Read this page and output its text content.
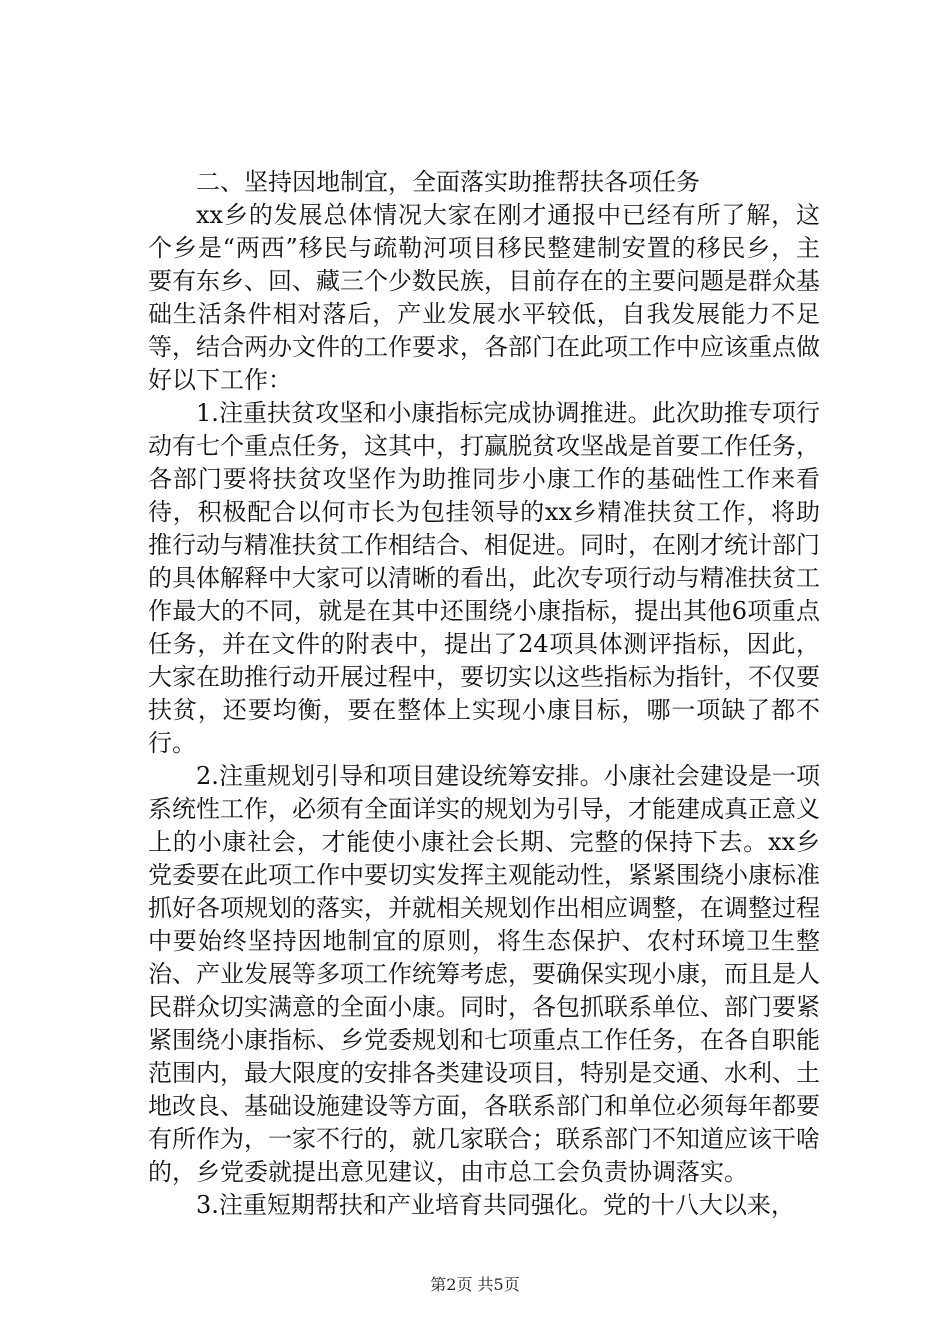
二、坚持因地制宜，全面落实助推帮扶各项任务

xx乡的发展总体情况大家在刚才通报中已经有所了解，这个乡是“两西”移民与疏勒河项目移民整建制安置的移民乡，主要有东乡、回、藏三个少数民族，目前存在的主要问题是群众基础生活条件相对落后，产业发展水平较低，自我发展能力不足等，结合两办文件的工作要求，各部门在此项工作中应该重点做好以下工作：

1.注重扶贫攻坚和小康指标完成协调推进。此次助推专项行动有七个重点任务，这其中，打赢脱贫攻坚战是首要工作任务，各部门要将扶贫攻坚作为助推同步小康工作的基础性工作来看待，积极配合以何市长为包挂领导的xx乡精准扶贫工作，将助推行动与精准扶贫工作相结合、相促进。同时，在刚才统计部门的具体解释中大家可以清晰的看出，此次专项行动与精准扶贫工作最大的不同，就是在其中还围绕小康指标，提出其他6项重点任务，并在文件的附表中，提出了24项具体测评指标，因此，大家在助推行动开展过程中，要切实以这些指标为指针，不仅要扶贫，还要均衡，要在整体上实现小康目标，哪一项缺了都不行。

2.注重规划引导和项目建设统筹安排。小康社会建设是一项系统性工作，必须有全面详实的规划为引导，才能建成真正意义上的小康社会，才能使小康社会长期、完整的保持下去。xx乡党委要在此项工作中要切实发挥主观能动性，紧紧围绕小康标准抓好各项规划的落实，并就相关规划作出相应调整，在调整过程中要始终坚持因地制宜的原则，将生态保护、农村环境卫生整治、产业发展等多项工作统筹考虑，要确保实现小康，而且是人民群众切实满意的全面小康。同时，各包抓联系单位、部门要紧紧围绕小康指标、乡党委规划和七项重点工作任务，在各自职能范围内，最大限度的安排各类建设项目，特别是交通、水利、土地改良、基础设施建设等方面，各联系部门和单位必须每年都要有所作为，一家不行的，就几家联合；联系部门不知道应该干啥的，乡党委就提出意见建议，由市总工会负责协调落实。

3.注重短期帮扶和产业培育共同强化。党的十八大以来，

第2页 共5页
